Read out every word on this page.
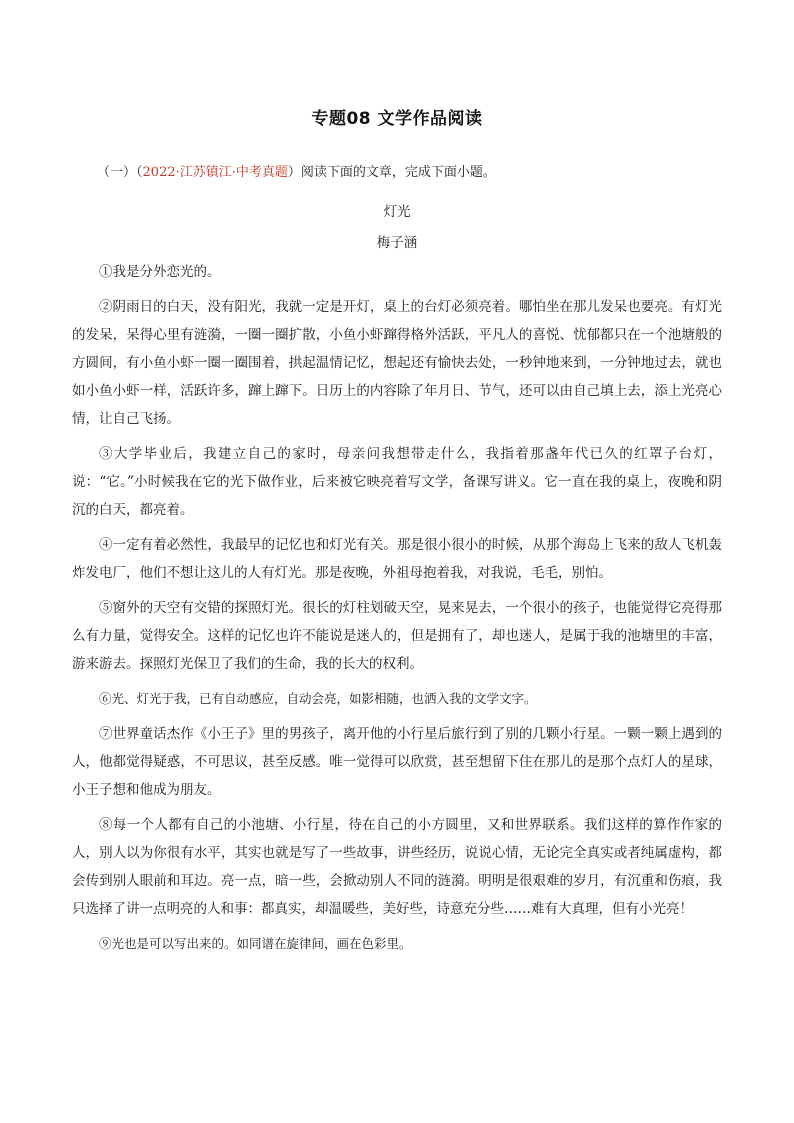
专题08 文学作品阅读
（一）（2022·江苏镇江·中考真题）阅读下面的文章，完成下面小题。
灯光
梅子涵

①我是分外恋光的。

②阴雨日的白天，没有阳光，我就一定是开灯，桌上的台灯必须亮着。哪怕坐在那儿发呆也要亮。有灯光的发呆，呆得心里有涟漪，一圈一圈扩散，小鱼小虾蹿得格外活跃，平凡人的喜悦、忧郁都只在一个池塘般的方圆间，有小鱼小虾一圈一圈围着，拱起温情记忆，想起还有愉快去处，一秒钟地来到，一分钟地过去，就也如小鱼小虾一样，活跃许多，蹿上蹿下。日历上的内容除了年月日、节气，还可以由自己填上去，添上光亮心情，让自己飞扬。

③大学毕业后，我建立自己的家时，母亲问我想带走什么，我指着那盏年代已久的红罩子台灯，说：“它。”小时候我在它的光下做作业，后来被它映亮着写文学，备课写讲义。它一直在我的桌上，夜晚和阴沉的白天，都亮着。

④一定有着必然性，我最早的记忆也和灯光有关。那是很小很小的时候，从那个海岛上飞来的敌人飞机轰炸发电厂，他们不想让这儿的人有灯光。那是夜晚，外祖母抱着我，对我说，毛毛，别怕。

⑤窗外的天空有交错的探照灯光。很长的灯柱划破天空，晃来晃去，一个很小的孩子，也能觉得它亮得那么有力量，觉得安全。这样的记忆也许不能说是迷人的，但是拥有了，却也迷人，是属于我的池塘里的丰富，游来游去。探照灯光保卫了我们的生命，我的长大的权利。

⑥光、灯光于我，已有自动感应，自动会亮，如影相随，也洒入我的文学文字。

⑦世界童话杰作《小王子》里的男孩子，离开他的小行星后旅行到了别的几颗小行星。一颗一颗上遇到的人，他都觉得疑惑，不可思议，甚至反感。唯一觉得可以欣赏，甚至想留下住在那儿的是那个点灯人的星球，小王子想和他成为朋友。

⑧每一个人都有自己的小池塘、小行星，待在自己的小方圆里，又和世界联系。我们这样的算作作家的人，别人以为你很有水平，其实也就是写了一些故事，讲些经历，说说心情，无论完全真实或者纯属虚构，都会传到别人眼前和耳边。亮一点，暗一些，会掀动别人不同的涟漪。明明是很艰难的岁月，有沉重和伤痕，我只选择了讲一点明亮的人和事：都真实，却温暖些，美好些，诗意充分些……难有大真理，但有小光亮！

⑨光也是可以写出来的。如同谱在旋律间，画在色彩里。
